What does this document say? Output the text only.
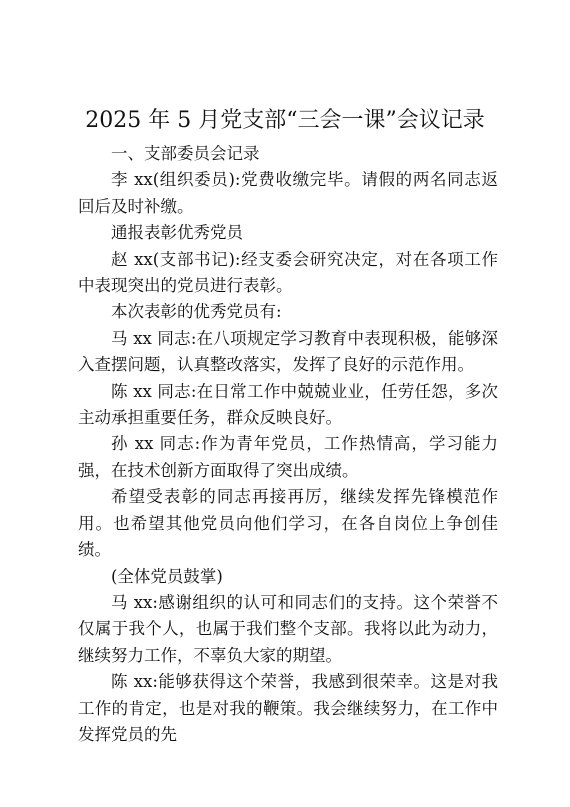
2025 年 5 月党支部“三会一课”会议记录

一、支部委员会记录

李 xx(组织委员):党费收缴完毕。请假的两名同志返回后及时补缴。

通报表彰优秀党员

赵 xx(支部书记):经支委会研究决定，对在各项工作中表现突出的党员进行表彰。

本次表彰的优秀党员有:

马 xx 同志:在八项规定学习教育中表现积极，能够深入查摆问题，认真整改落实，发挥了良好的示范作用。

陈 xx 同志:在日常工作中兢兢业业，任劳任怨，多次主动承担重要任务，群众反映良好。

孙 xx 同志:作为青年党员，工作热情高，学习能力强，在技术创新方面取得了突出成绩。

希望受表彰的同志再接再厉，继续发挥先锋模范作用。也希望其他党员向他们学习，在各自岗位上争创佳绩。

(全体党员鼓掌)

马 xx:感谢组织的认可和同志们的支持。这个荣誉不仅属于我个人，也属于我们整个支部。我将以此为动力，继续努力工作，不辜负大家的期望。

陈 xx:能够获得这个荣誉，我感到很荣幸。这是对我工作的肯定，也是对我的鞭策。我会继续努力，在工作中发挥党员的先
